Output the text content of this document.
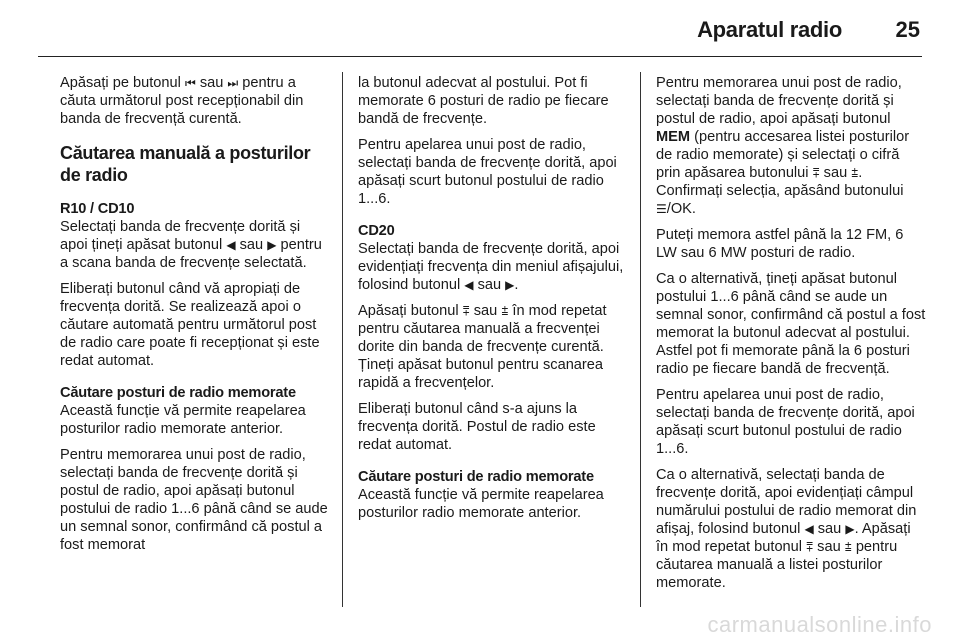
Aparatul radio 25

Apăsați pe butonul ⏮ sau ⏭ pentru a căuta următorul post recepționabil din banda de frecvență curentă.

Căutarea manuală a posturilor de radio

R10 / CD10
Selectați banda de frecvențe dorită și apoi țineți apăsat butonul ◀ sau ▶ pentru a scana banda de frecvențe selectată.

Eliberați butonul când vă apropiați de frecvența dorită. Se realizează apoi o căutare automată pentru următorul post de radio care poate fi recepționat și este redat automat.

Căutare posturi de radio memorate
Această funcție vă permite reapelarea posturilor radio memorate anterior.

Pentru memorarea unui post de radio, selectați banda de frecvențe dorită și postul de radio, apoi apăsați butonul postului de radio 1...6 până când se aude un semnal sonor, confirmând că postul a fost memorat

la butonul adecvat al postului. Pot fi memorate 6 posturi de radio pe fiecare bandă de frecvențe.

Pentru apelarea unui post de radio, selectați banda de frecvențe dorită, apoi apăsați scurt butonul postului de radio 1...6.

CD20
Selectați banda de frecvențe dorită, apoi evidențiați frecvența din meniul afișajului, folosind butonul ◀ sau ▶.

Apăsați butonul ⩱ sau ⩲ în mod repetat pentru căutarea manuală a frecvenței dorite din banda de frecvențe curentă. Țineți apăsat butonul pentru scanarea rapidă a frecvențelor.

Eliberați butonul când s-a ajuns la frecvența dorită. Postul de radio este redat automat.

Căutare posturi de radio memorate
Această funcție vă permite reapelarea posturilor radio memorate anterior.

Pentru memorarea unui post de radio, selectați banda de frecvențe dorită și postul de radio, apoi apăsați butonul MEM (pentru accesarea listei posturilor de radio memorate) și selectați o cifră prin apăsarea butonului ⩱ sau ⩲. Confirmați selecția, apăsând butonului ☰/OK.

Puteți memora astfel până la 12 FM, 6 LW sau 6 MW posturi de radio.

Ca o alternativă, țineți apăsat butonul postului 1...6 până când se aude un semnal sonor, confirmând că postul a fost memorat la butonul adecvat al postului. Astfel pot fi memorate până la 6 posturi radio pe fiecare bandă de frecvență.

Pentru apelarea unui post de radio, selectați banda de frecvențe dorită, apoi apăsați scurt butonul postului de radio 1...6.

Ca o alternativă, selectați banda de frecvențe dorită, apoi evidențiați câmpul numărului postului de radio memorat din afișaj, folosind butonul ◀ sau ▶. Apăsați în mod repetat butonul ⩱ sau ⩲ pentru căutarea manuală a listei posturilor memorate.

carmanualsonline.info
